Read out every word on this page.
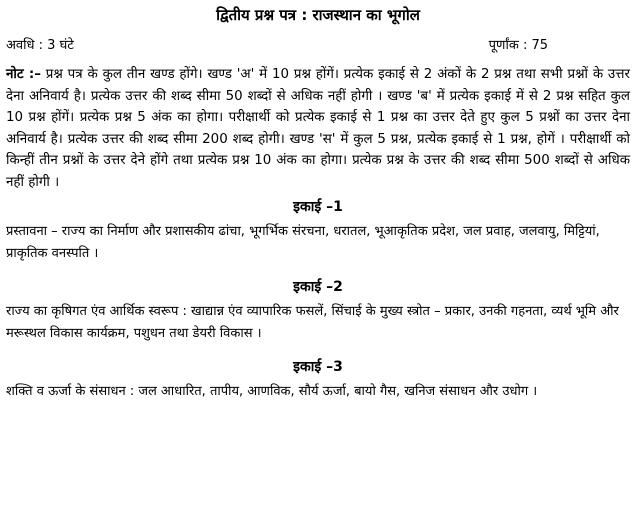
द्वितीय प्रश्न पत्र : राजस्थान का भूगोल
अवधि : 3 घंटे	पूर्णांक : 75

नोट :– प्रश्न पत्र के कुल तीन खण्ड होंगे। खण्ड 'अ' में 10 प्रश्न होंगें। प्रत्येक इकाई से 2 अंकों के 2 प्रश्न तथा सभी प्रश्नों के उत्तर देना अनिवार्य है। प्रत्येक उत्तर की शब्द सीमा 50 शब्दों से अधिक नहीं होगी । खण्ड 'ब' में प्रत्येक इकाई में से 2 प्रश्न सहित कुल 10 प्रश्न होंगें। प्रत्येक प्रश्न 5 अंक का होगा। परीक्षार्थी को प्रत्येक इकाई से 1 प्रश्न का उत्तर देते हुए कुल 5 प्रश्नों का उत्तर देना अनिवार्य है। प्रत्येक उत्तर की शब्द सीमा 200 शब्द होगी। खण्ड 'स' में कुल 5 प्रश्न, प्रत्येक इकाई से 1 प्रश्न, होगें । परीक्षार्थी को किन्हीं तीन प्रश्नों के उत्तर देने होंगे तथा प्रत्येक प्रश्न 10 अंक का होगा। प्रत्येक प्रश्न के उत्तर की शब्द सीमा 500 शब्दों से अधिक नहीं होगी ।

इकाई –1

प्रस्तावना – राज्य का निर्माण और प्रशासकीय ढांचा, भूगर्भिक संरचना, धरातल, भूआकृतिक प्रदेश, जल प्रवाह, जलवायु, मिट्टियां, प्राकृतिक वनस्पति ।

इकाई –2

राज्य का कृषिगत एंव आर्थिक स्वरूप : खाद्यान्न एंव व्यापारिक फसलें, सिंचाई के मुख्य स्त्रोत – प्रकार, उनकी गहनता, व्यर्थ भूमि और मरूस्थल विकास कार्यक्रम, पशुधन तथा डेयरी विकास ।

इकाई –3

शक्ति व ऊर्जा के संसाधन : जल आधारित, तापीय, आणविक, सौर्य ऊर्जा, बायो गैस, खनिज संसाधन और उधोग ।
